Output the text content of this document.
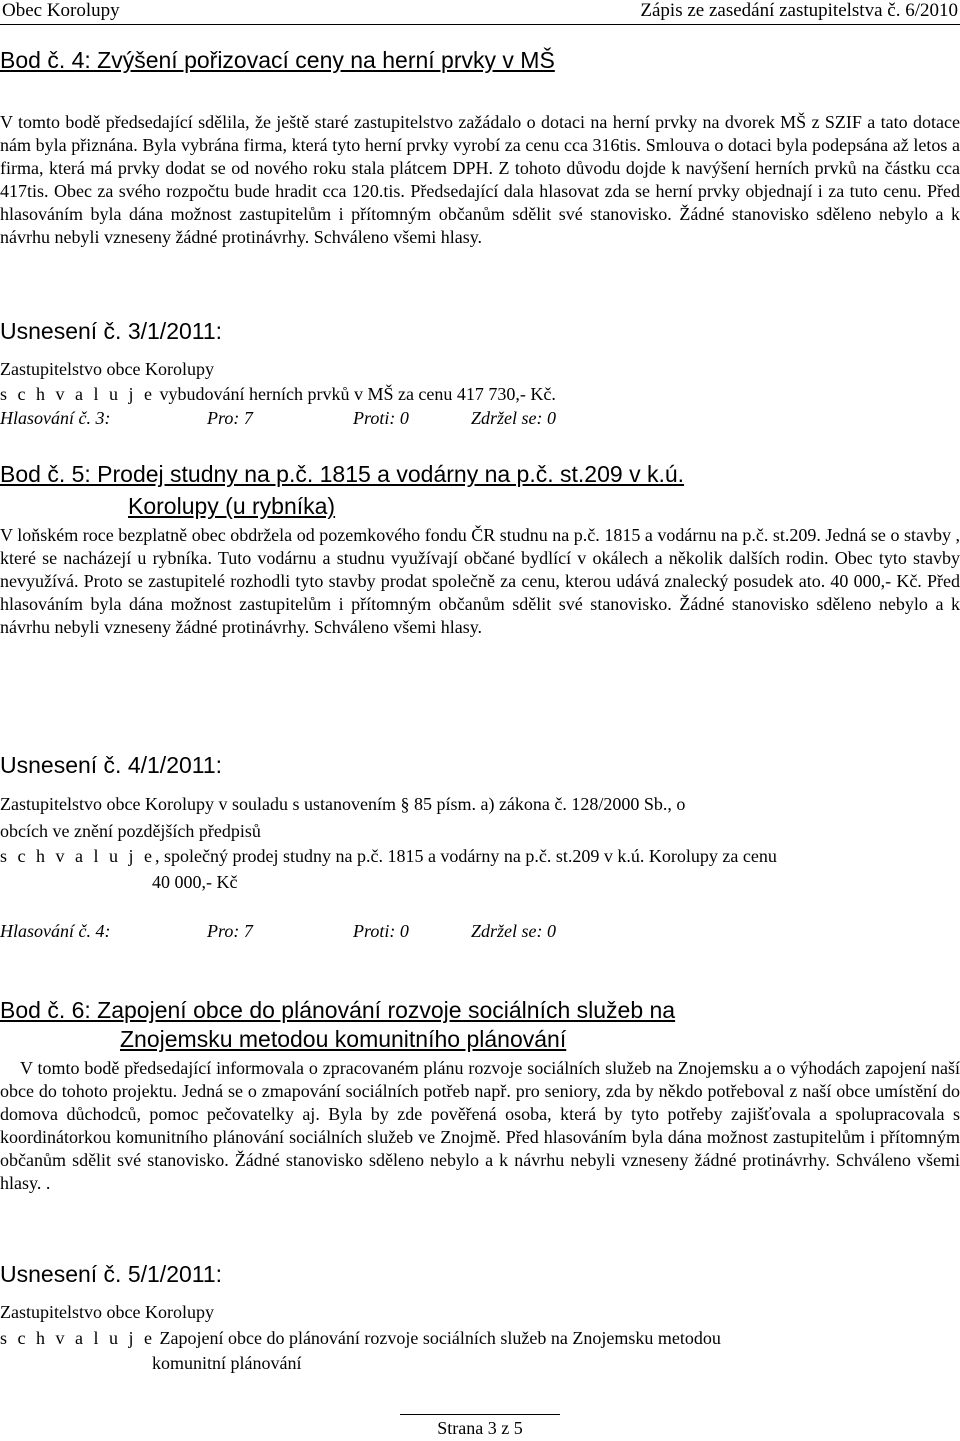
Obec Korolupy	Zápis ze zasedání zastupitelstva č. 6/2010
Bod č. 4: Zvýšení pořizovací ceny na herní prvky v MŠ

V tomto bodě předsedající sdělila, že ještě staré zastupitelstvo zažádalo o dotaci na herní prvky na dvorek MŠ z SZIF a tato dotace nám byla přiznána. Byla vybrána firma, která tyto herní prvky vyrobí za cenu cca 316tis. Smlouva o dotaci byla podepsána až letos a firma, která má prvky dodat se od nového roku stala plátcem DPH. Z tohoto důvodu dojde k navýšení herních prvků na částku cca 417tis. Obec za svého rozpočtu bude hradit cca 120.tis. Předsedající dala hlasovat zda se herní prvky objednají i za tuto cenu. Před hlasováním byla dána možnost zastupitelům i přítomným občanům sdělit své stanovisko. Žádné stanovisko sděleno nebylo a k návrhu nebyli vzneseny žádné protinávrhy. Schváleno všemi hlasy.

Usnesení č. 3/1/2011:
Zastupitelstvo obce Korolupy
s c h v a l u j e vybudování herních prvků v MŠ za cenu 417 730,- Kč.
Hlasování č. 3:	Pro: 7	Proti: 0	Zdržel se: 0
Bod č. 5: Prodej studny na p.č. 1815 a vodárny na p.č. st.209 v k.ú.
Korolupy (u rybníka)

V loňském roce bezplatně obec obdržela od pozemkového fondu ČR studnu na p.č. 1815 a vodárnu na p.č. st.209. Jedná se o stavby , které se nacházejí u rybníka. Tuto vodárnu a studnu využívají občané bydlící v okálech a několik dalších rodin. Obec tyto stavby nevyužívá. Proto se zastupitelé rozhodli tyto stavby prodat společně za cenu, kterou udává znalecký posudek ato. 40 000,- Kč. Před hlasováním byla dána možnost zastupitelům i přítomným občanům sdělit své stanovisko. Žádné stanovisko sděleno nebylo a k návrhu nebyli vzneseny žádné protinávrhy. Schváleno všemi hlasy.

Usnesení č. 4/1/2011:
Zastupitelstvo obce Korolupy v souladu s ustanovením § 85 písm. a) zákona č. 128/2000 Sb., o
obcích ve znění pozdějších předpisů
s c h v a l u j e, společný prodej studny na p.č. 1815 a vodárny na p.č. st.209 v k.ú. Korolupy za cenu
40 000,- Kč
Hlasování č. 4:	Pro: 7	Proti: 0	Zdržel se: 0
Bod č. 6: Zapojení obce do plánování rozvoje sociálních služeb na
Znojemsku metodou komunitního plánování

V tomto bodě předsedající informovala o zpracovaném plánu rozvoje sociálních služeb na Znojemsku a o výhodách zapojení naší obce do tohoto projektu. Jedná se o zmapování sociálních potřeb např. pro seniory, zda by někdo potřeboval z naší obce umístění do domova důchodců, pomoc pečovatelky aj. Byla by zde pověřená osoba, která by tyto potřeby zajišťovala a spolupracovala s koordinátorkou komunitního plánování sociálních služeb ve Znojmě. Před hlasováním byla dána možnost zastupitelům i přítomným občanům sdělit své stanovisko. Žádné stanovisko sděleno nebylo a k návrhu nebyli vzneseny žádné protinávrhy. Schváleno všemi hlasy. .

Usnesení č. 5/1/2011:
Zastupitelstvo obce Korolupy
s c h v a l u j e Zapojení obce do plánování rozvoje sociálních služeb na Znojemsku metodou
komunitní plánování
Strana 3 z 5
